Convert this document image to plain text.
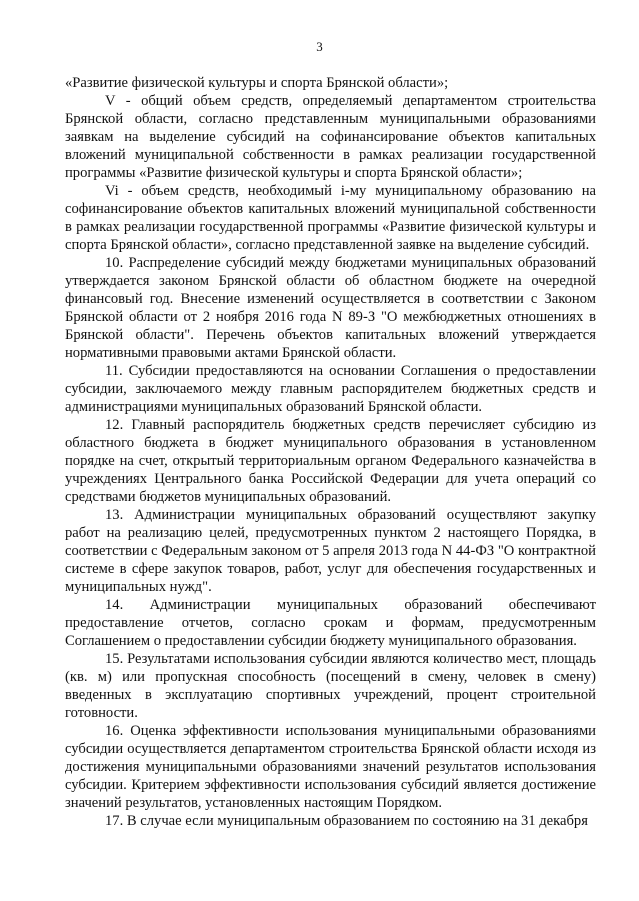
3

«Развитие физической культуры и спорта Брянской области»;

V - общий объем средств, определяемый департаментом строительства Брянской области, согласно представленным муниципальными образованиями заявкам на выделение субсидий на софинансирование объектов капитальных вложений муниципальной собственности в рамках реализации государственной программы «Развитие физической культуры и спорта Брянской области»;

Vi - объем средств, необходимый i-му муниципальному образованию на софинансирование объектов капитальных вложений муниципальной собственности в рамках реализации государственной программы «Развитие физической культуры и спорта Брянской области», согласно представленной заявке на выделение субсидий.

10. Распределение субсидий между бюджетами муниципальных образований утверждается законом Брянской области об областном бюджете на очередной финансовый год. Внесение изменений осуществляется в соответствии с Законом Брянской области от 2 ноября 2016 года N 89-З "О межбюджетных отношениях в Брянской области". Перечень объектов капитальных вложений утверждается нормативными правовыми актами Брянской области.

11. Субсидии предоставляются на основании Соглашения о предоставлении субсидии, заключаемого между главным распорядителем бюджетных средств и администрациями муниципальных образований Брянской области.

12. Главный распорядитель бюджетных средств перечисляет субсидию из областного бюджета в бюджет муниципального образования в установленном порядке на счет, открытый территориальным органом Федерального казначейства в учреждениях Центрального банка Российской Федерации для учета операций со средствами бюджетов муниципальных образований.

13. Администрации муниципальных образований осуществляют закупку работ на реализацию целей, предусмотренных пунктом 2 настоящего Порядка, в соответствии с Федеральным законом от 5 апреля 2013 года N 44-ФЗ "О контрактной системе в сфере закупок товаров, работ, услуг для обеспечения государственных и муниципальных нужд".

14. Администрации муниципальных образований обеспечивают предоставление отчетов, согласно срокам и формам, предусмотренным Соглашением о предоставлении субсидии бюджету муниципального образования.

15. Результатами использования субсидии являются количество мест, площадь (кв. м) или пропускная способность (посещений в смену, человек в смену) введенных в эксплуатацию спортивных учреждений, процент строительной готовности.

16. Оценка эффективности использования муниципальными образованиями субсидии осуществляется департаментом строительства Брянской области исходя из достижения муниципальными образованиями значений результатов использования субсидии. Критерием эффективности использования субсидий является достижение значений результатов, установленных настоящим Порядком.

17. В случае если муниципальным образованием по состоянию на 31 декабря
